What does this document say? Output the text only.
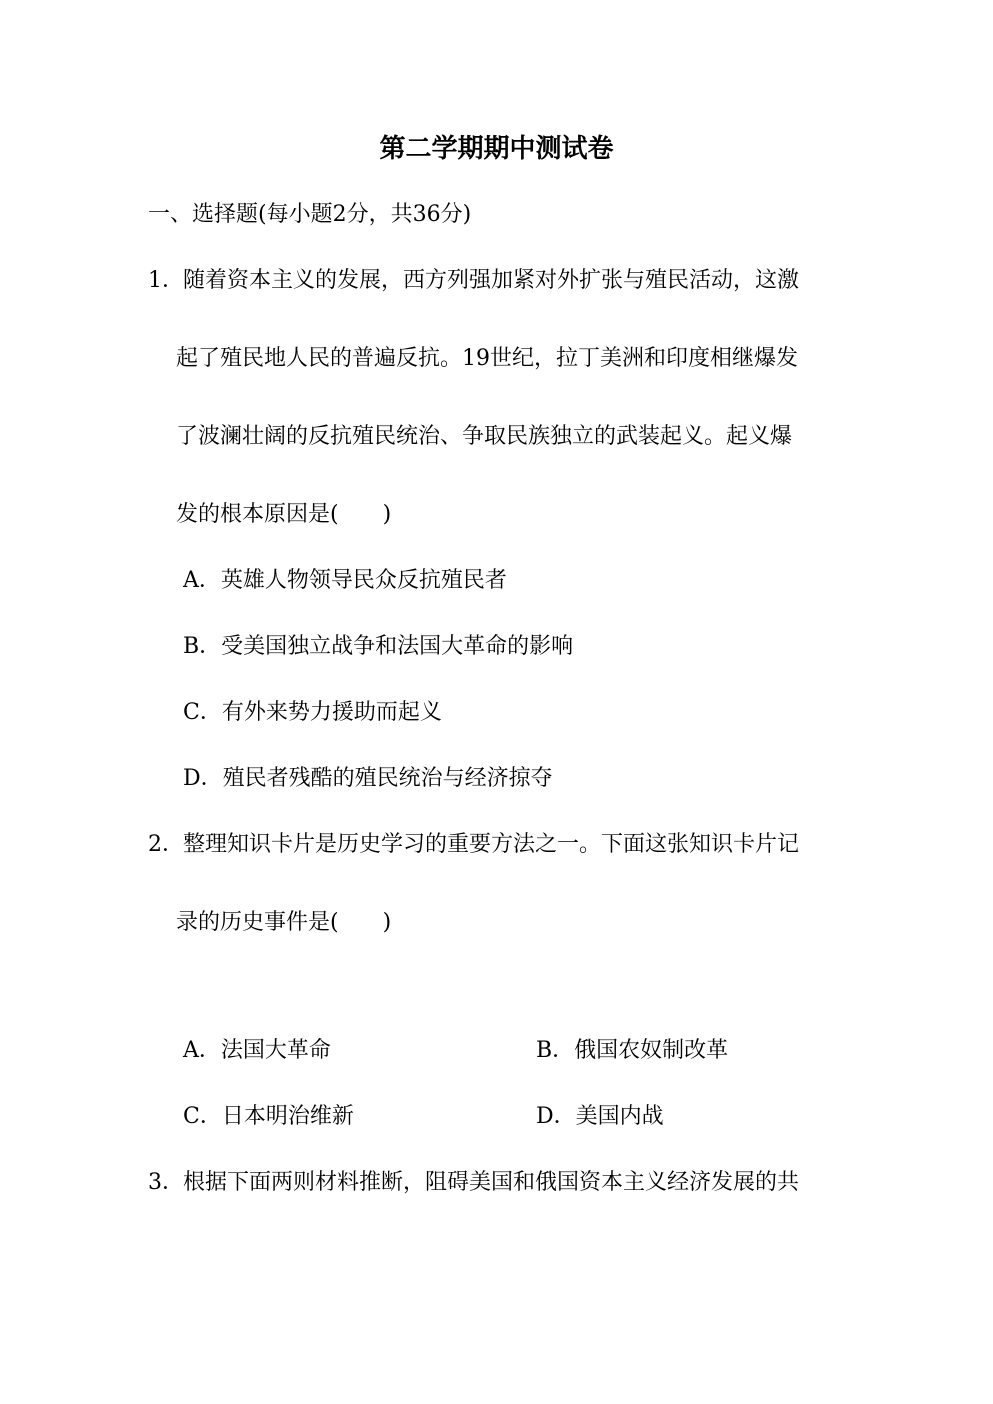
第二学期期中测试卷
一、选择题(每小题2分，共36分)
1． 随着资本主义的发展，西方列强加紧对外扩张与殖民活动，这激
起了殖民地人民的普遍反抗。19世纪，拉丁美洲和印度相继爆发
了波澜壮阔的反抗殖民统治、争取民族独立的武装起义。起义爆
发的根本原因是(　　)
A．英雄人物领导民众反抗殖民者
B．受美国独立战争和法国大革命的影响
C．有外来势力援助而起义
D．殖民者残酷的殖民统治与经济掠夺
2． 整理知识卡片是历史学习的重要方法之一。下面这张知识卡片记
录的历史事件是(　　)
A．法国大革命	B．俄国农奴制改革
C．日本明治维新	D．美国内战
3． 根据下面两则材料推断，阻碍美国和俄国资本主义经济发展的共
